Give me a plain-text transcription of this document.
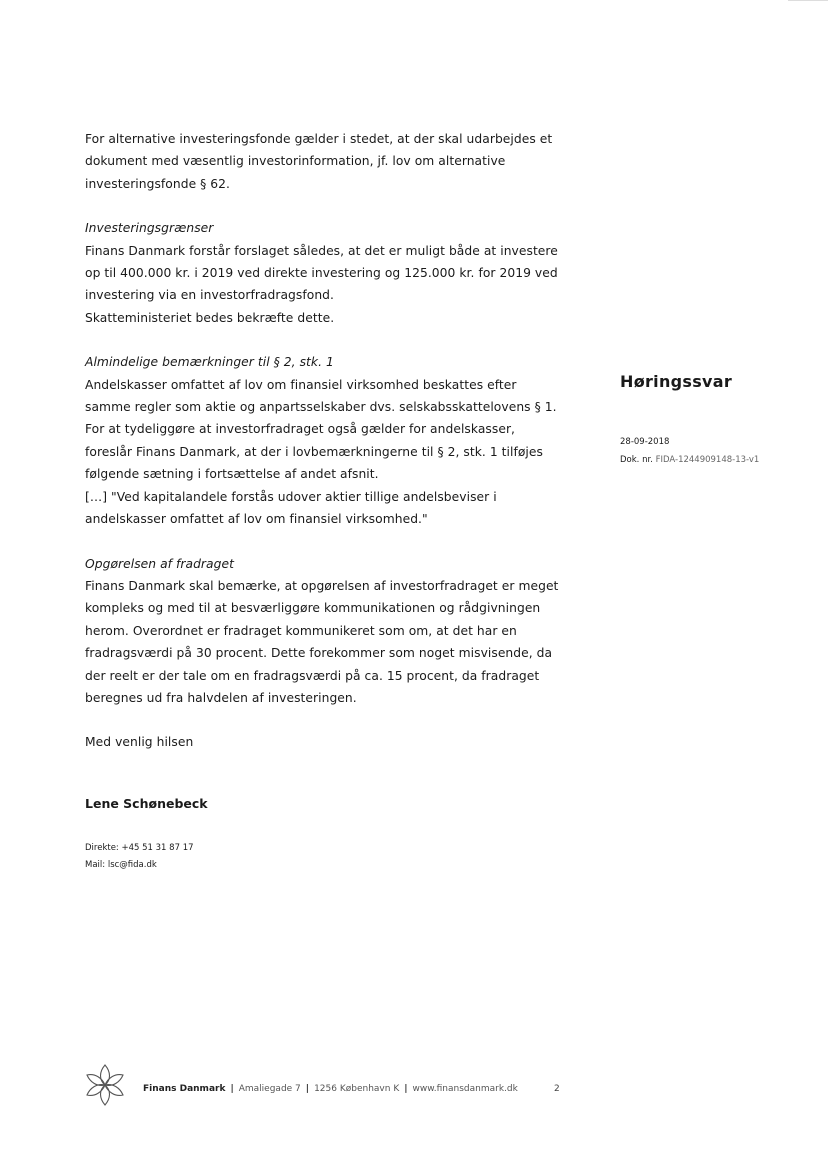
For alternative investeringsfonde gælder i stedet, at der skal udarbejdes et dokument med væsentlig investorinformation, jf. lov om alternative investeringsfonde § 62.

Investeringsgrænser

Finans Danmark forstår forslaget således, at det er muligt både at investere op til 400.000 kr. i 2019 ved direkte investering og 125.000 kr. for 2019 ved investering via en investorfradragsfond.

Skatteministeriet bedes bekræfte dette.

Almindelige bemærkninger til § 2, stk. 1

Andelskasser omfattet af lov om finansiel virksomhed beskattes efter samme regler som aktie og anpartsselskaber dvs. selskabsskattelovens § 1. For at tydeliggøre at investorfradraget også gælder for andelskasser, foreslår Finans Danmark, at der i lovbemærkningerne til § 2, stk. 1 tilføjes følgende sætning i fortsættelse af andet afsnit.

[…] "Ved kapitalandele forstås udover aktier tillige andelsbeviser i andelskasser omfattet af lov om finansiel virksomhed."

Opgørelsen af fradraget

Finans Danmark skal bemærke, at opgørelsen af investorfradraget er meget kompleks og med til at besværliggøre kommunikationen og rådgivningen herom. Overordnet er fradraget kommunikeret som om, at det har en fradragsværdi på 30 procent. Dette forekommer som noget misvisende, da der reelt er der tale om en fradragsværdi på ca. 15 procent, da fradraget beregnes ud fra halvdelen af investeringen.

Med venlig hilsen

Lene Schønebeck
Direkte: +45 51 31 87 17
Mail: lsc@fida.dk
Høringssvar
28-09-2018
Dok. nr. FIDA-1244909148-13-v1
Finans Danmark | Amaliegade 7 | 1256 København K | www.finansdanmark.dk	2
